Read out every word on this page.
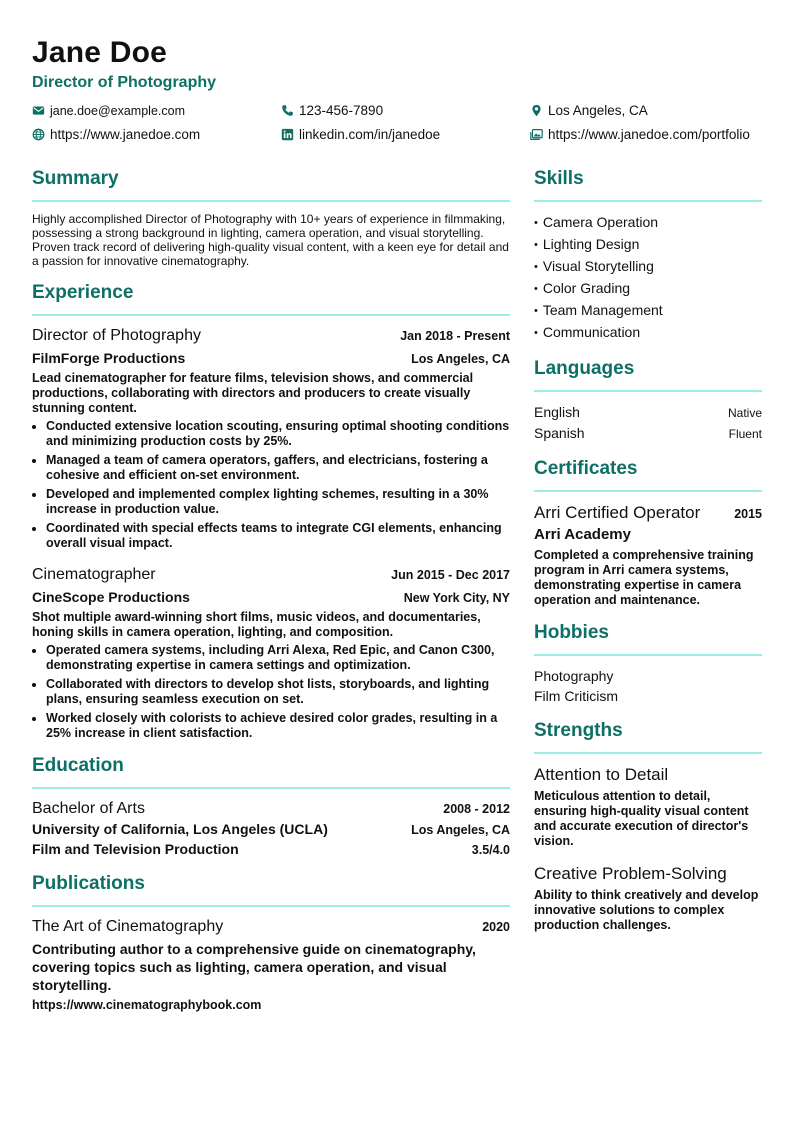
Jane Doe
Director of Photography
jane.doe@example.com	123-456-7890	Los Angeles, CA
https://www.janedoe.com	linkedin.com/in/janedoe	https://www.janedoe.com/portfolio
Summary

Highly accomplished Director of Photography with 10+ years of experience in filmmaking, possessing a strong background in lighting, camera operation, and visual storytelling. Proven track record of delivering high-quality visual content, with a keen eye for detail and a passion for innovative cinematography.

Experience
Director of Photography	Jan 2018 - Present
FilmForge Productions	Los Angeles, CA
Lead cinematographer for feature films, television shows, and commercial productions, collaborating with directors and producers to create visually stunning content.
• Conducted extensive location scouting, ensuring optimal shooting conditions and minimizing production costs by 25%.
• Managed a team of camera operators, gaffers, and electricians, fostering a cohesive and efficient on-set environment.
• Developed and implemented complex lighting schemes, resulting in a 30% increase in production value.
• Coordinated with special effects teams to integrate CGI elements, enhancing overall visual impact.
Cinematographer	Jun 2015 - Dec 2017
CineScope Productions	New York City, NY
Shot multiple award-winning short films, music videos, and documentaries, honing skills in camera operation, lighting, and composition.
• Operated camera systems, including Arri Alexa, Red Epic, and Canon C300, demonstrating expertise in camera settings and optimization.
• Collaborated with directors to develop shot lists, storyboards, and lighting plans, ensuring seamless execution on set.
• Worked closely with colorists to achieve desired color grades, resulting in a 25% increase in client satisfaction.
Education
Bachelor of Arts	2008 - 2012
University of California, Los Angeles (UCLA)	Los Angeles, CA
Film and Television Production	3.5/4.0
Publications
The Art of Cinematography	2020
Contributing author to a comprehensive guide on cinematography, covering topics such as lighting, camera operation, and visual storytelling.
https://www.cinematographybook.com
Skills
• Camera Operation
• Lighting Design
• Visual Storytelling
• Color Grading
• Team Management
• Communication
Languages
English	Native
Spanish	Fluent
Certificates
Arri Certified Operator	2015
Arri Academy
Completed a comprehensive training program in Arri camera systems, demonstrating expertise in camera operation and maintenance.
Hobbies
Photography
Film Criticism
Strengths
Attention to Detail
Meticulous attention to detail, ensuring high-quality visual content and accurate execution of director's vision.
Creative Problem-Solving
Ability to think creatively and develop innovative solutions to complex production challenges.
